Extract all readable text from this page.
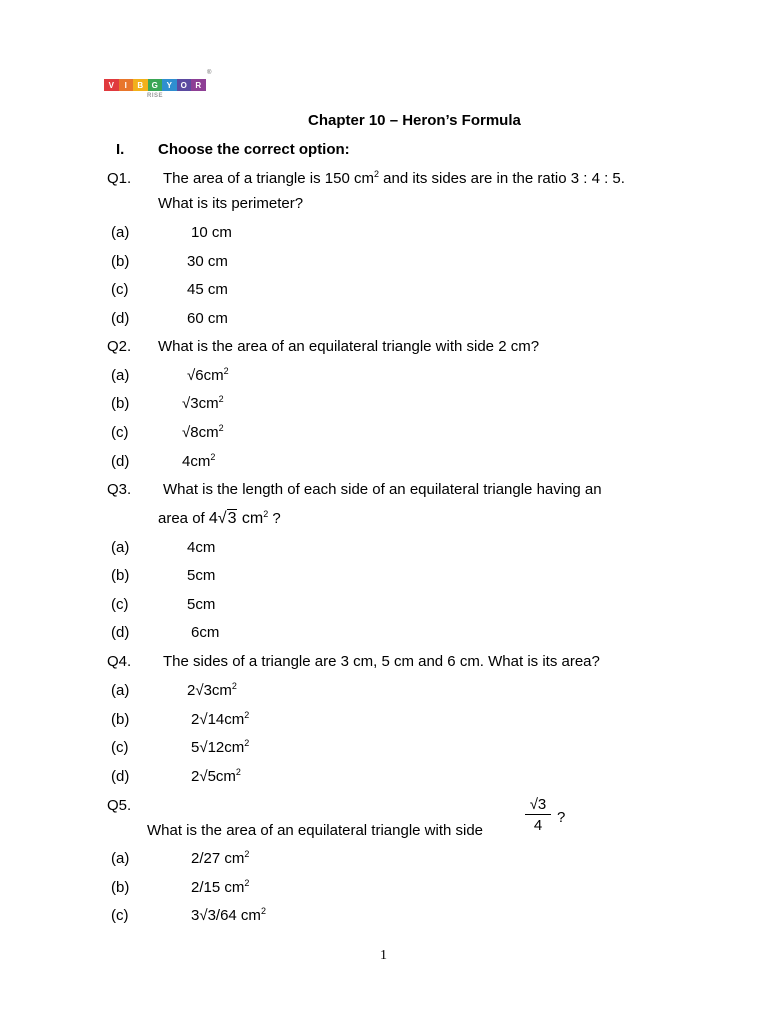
V	I	B	G	Y	O	R
RISE
®
Chapter 10 – Heron’s Formula
I. Choose the correct option:
Q1. The area of a triangle is 150 $cm^2$ and its sides are in the ratio 3 : 4 : 5.
What is its perimeter?
(a)	10 cm
(b)	30 cm
(c)	45 cm
(d)	60 cm
Q2. What is the area of an equilateral triangle with side 2 cm?
(a)	$√6cm^2$
(b)	$√3cm^2$
(c)	$√8cm^2$
(d)	$4cm^2$
Q3. What is the length of each side of an equilateral triangle having an
area of 4√3 $cm^2$ ?
(a)	4cm
(b)	5cm
(c)	5cm
(d)	6cm
Q4. The sides of a triangle are 3 cm, 5 cm and 6 cm. What is its area?
(a)	$2√3cm^2$
(b)	$2√14cm^2$
(c)	$5√12cm^2$
(d)	$2√5cm^2$
Q5.
What is the area of an equilateral triangle with side
√3
4 ?
(a)	2/27 $cm^2$
(b)	2/15 $cm^2$
(c)	3√3/64 $cm^2$
1
